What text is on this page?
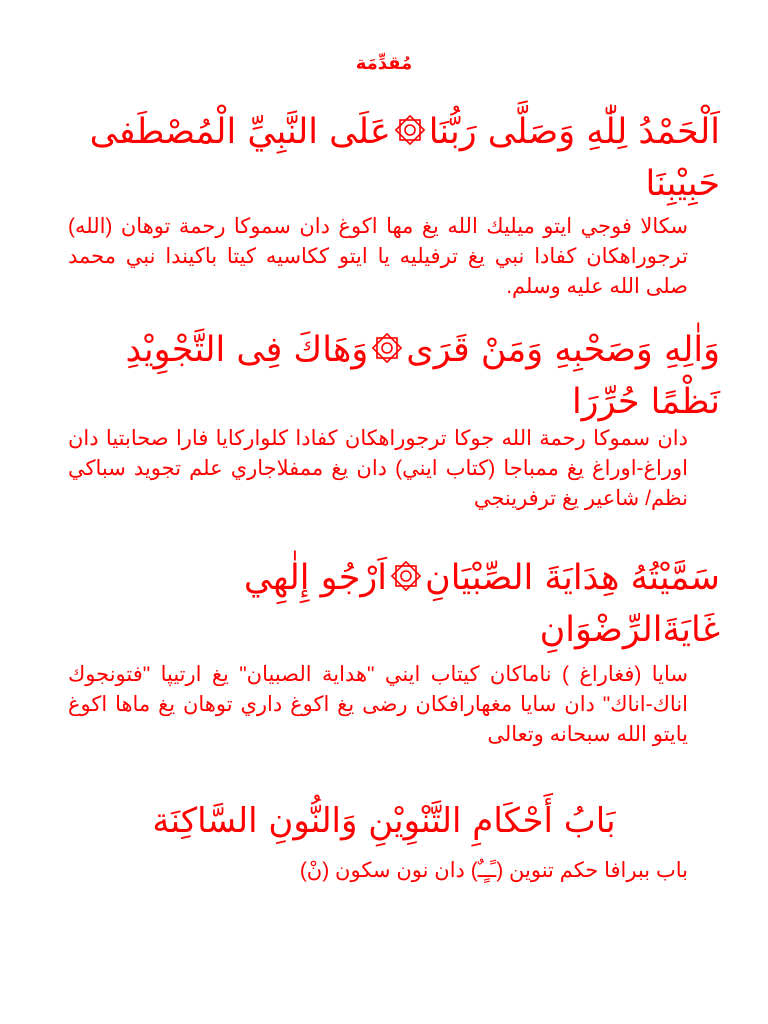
مُقدِّمَة
اَلْحَمْدُ لِلّٰهِ وَصَلَّى رَبُّنَا
عَلَى النَّبِيِّ الْمُصْطَفى
حَبِيْبِنَا
سكالا فوجي ايتو ميليك الله يغ مها اكوغ دان سموكا رحمة توهان (الله) ترجوراهكان كفادا نبي يغ ترفيليه يا ايتو ككاسيه كيتا باكيندا نبي محمد صلى الله عليه وسلم.
وَاٰلِهِ وَصَحْبِهِ وَمَنْ قَرَى
وَهَاكَ فِى التَّجْوِيْدِ
نَظْمًا حُرِّرَا
دان سموكا رحمة الله جوكا ترجوراهكان كفادا كلواركايا فارا صحابتيا دان اوراغ-اوراغ يغ ممباجا (كتاب ايني) دان يغ ممفلاجاري علم تجويد سباكي نظم/ شاعير يغ ترفرينجي
سَمَّيْتُهُ هِدَايَةَ الصِّبْيَانِ
اَرْجُو إِلٰهِي
غَايَةَالرِّضْوَانِ
سايا (فغاراغ ) ناماكان كيتاب ايني "هداية الصبيان" يغ ارتيپا "فتونجوك اناك-اناك" دان سايا مغهارافكان رضى يغ اكوغ داري توهان يغ ماها اكوغ يايتو الله سبحانه وتعالى
بَابُ أَحْكَامِ التَّنْوِيْنِ وَالنُّونِ السَّاكِنَة
باب ببرافا حكم تنوين (ـًـٍـٌ) دان نون سكون (نْ)
